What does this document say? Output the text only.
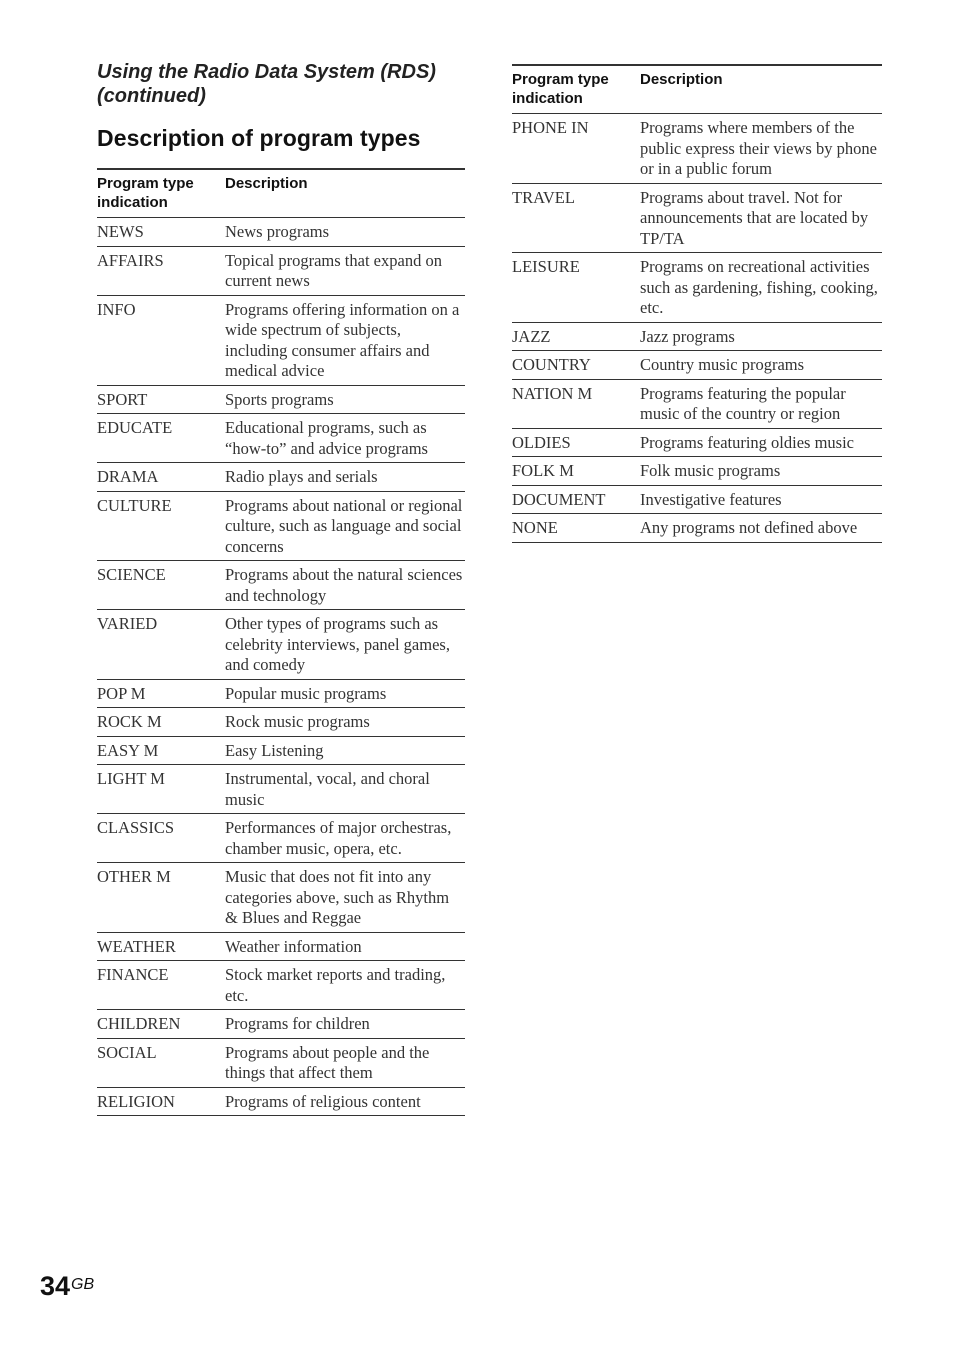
Using the Radio Data System (RDS) (continued)
Description of program types
Program type indication	Description
NEWS	News programs
AFFAIRS	Topical programs that expand on current news
INFO	Programs offering information on a wide spectrum of subjects, including consumer affairs and medical advice
SPORT	Sports programs
EDUCATE	Educational programs, such as “how-to” and advice programs
DRAMA	Radio plays and serials
CULTURE	Programs about national or regional culture, such as language and social concerns
SCIENCE	Programs about the natural sciences and technology
VARIED	Other types of programs such as celebrity interviews, panel games, and comedy
POP M	Popular music programs
ROCK M	Rock music programs
EASY M	Easy Listening
LIGHT M	Instrumental, vocal, and choral music
CLASSICS	Performances of major orchestras, chamber music, opera, etc.
OTHER M	Music that does not fit into any categories above, such as Rhythm & Blues and Reggae
WEATHER	Weather information
FINANCE	Stock market reports and trading, etc.
CHILDREN	Programs for children
SOCIAL	Programs about people and the things that affect them
RELIGION	Programs of religious content
Program type indication	Description
PHONE IN	Programs where members of the public express their views by phone or in a public forum
TRAVEL	Programs about travel. Not for announcements that are located by TP/TA
LEISURE	Programs on recreational activities such as gardening, fishing, cooking, etc.
JAZZ	Jazz programs
COUNTRY	Country music programs
NATION M	Programs featuring the popular music of the country or region
OLDIES	Programs featuring oldies music
FOLK M	Folk music programs
DOCUMENT	Investigative features
NONE	Any programs not defined above
$34^{GB}$
